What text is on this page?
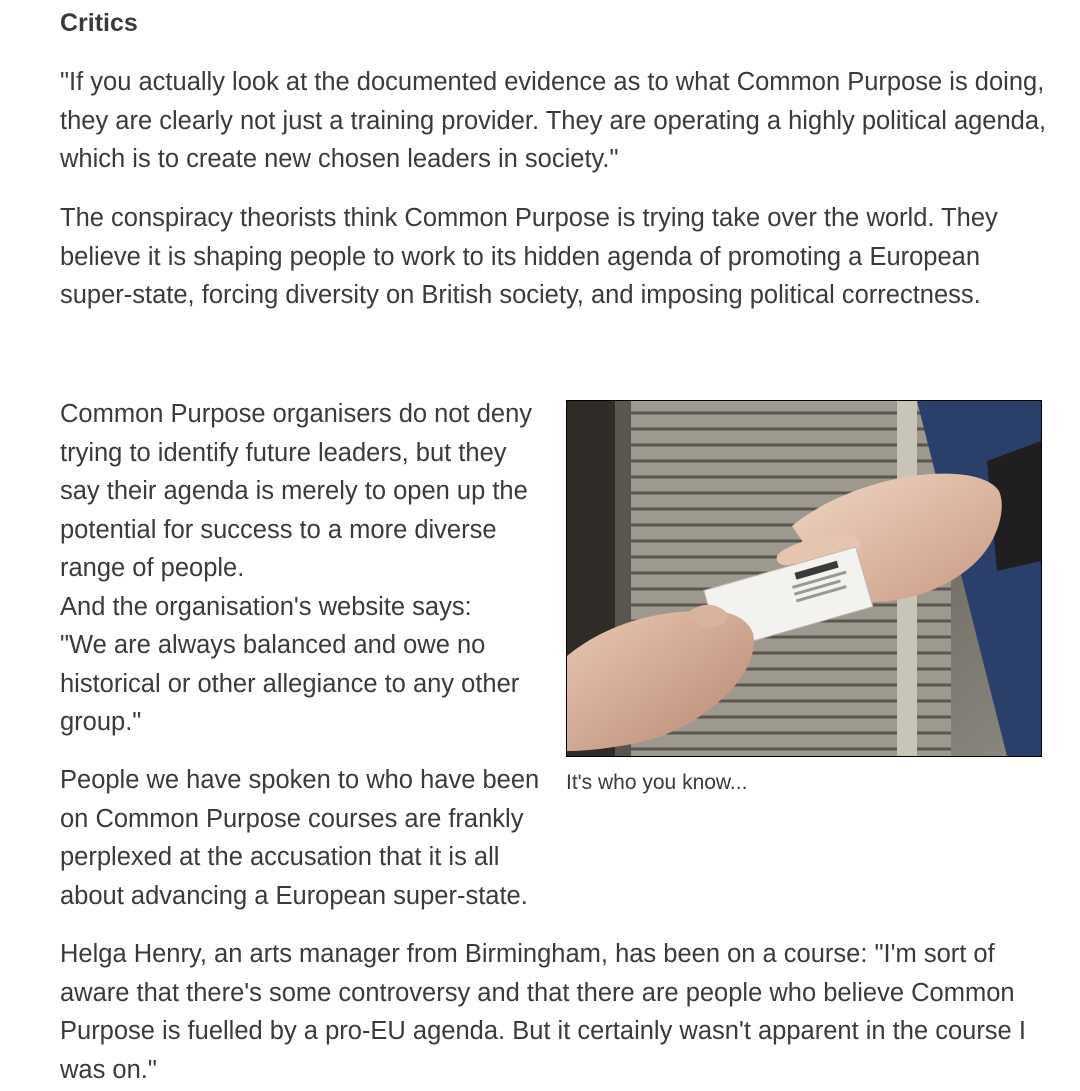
Critics

"If you actually look at the documented evidence as to what Common Purpose is doing, they are clearly not just a training provider. They are operating a highly political agenda, which is to create new chosen leaders in society."

The conspiracy theorists think Common Purpose is trying take over the world. They believe it is shaping people to work to its hidden agenda of promoting a European super-state, forcing diversity on British society, and imposing political correctness.

Common Purpose organisers do not deny trying to identify future leaders, but they say their agenda is merely to open up the potential for success to a more diverse range of people.
And the organisation's website says:
"We are always balanced and owe no historical or other allegiance to any other group."

People we have spoken to who have been on Common Purpose courses are frankly perplexed at the accusation that it is all about advancing a European super-state.

Helga Henry, an arts manager from Birmingham, has been on a course: "I'm sort of aware that there's some controversy and that there are people who believe Common Purpose is fuelled by a pro-EU agenda. But it certainly wasn't apparent in the course I was on."

It's who you know...
